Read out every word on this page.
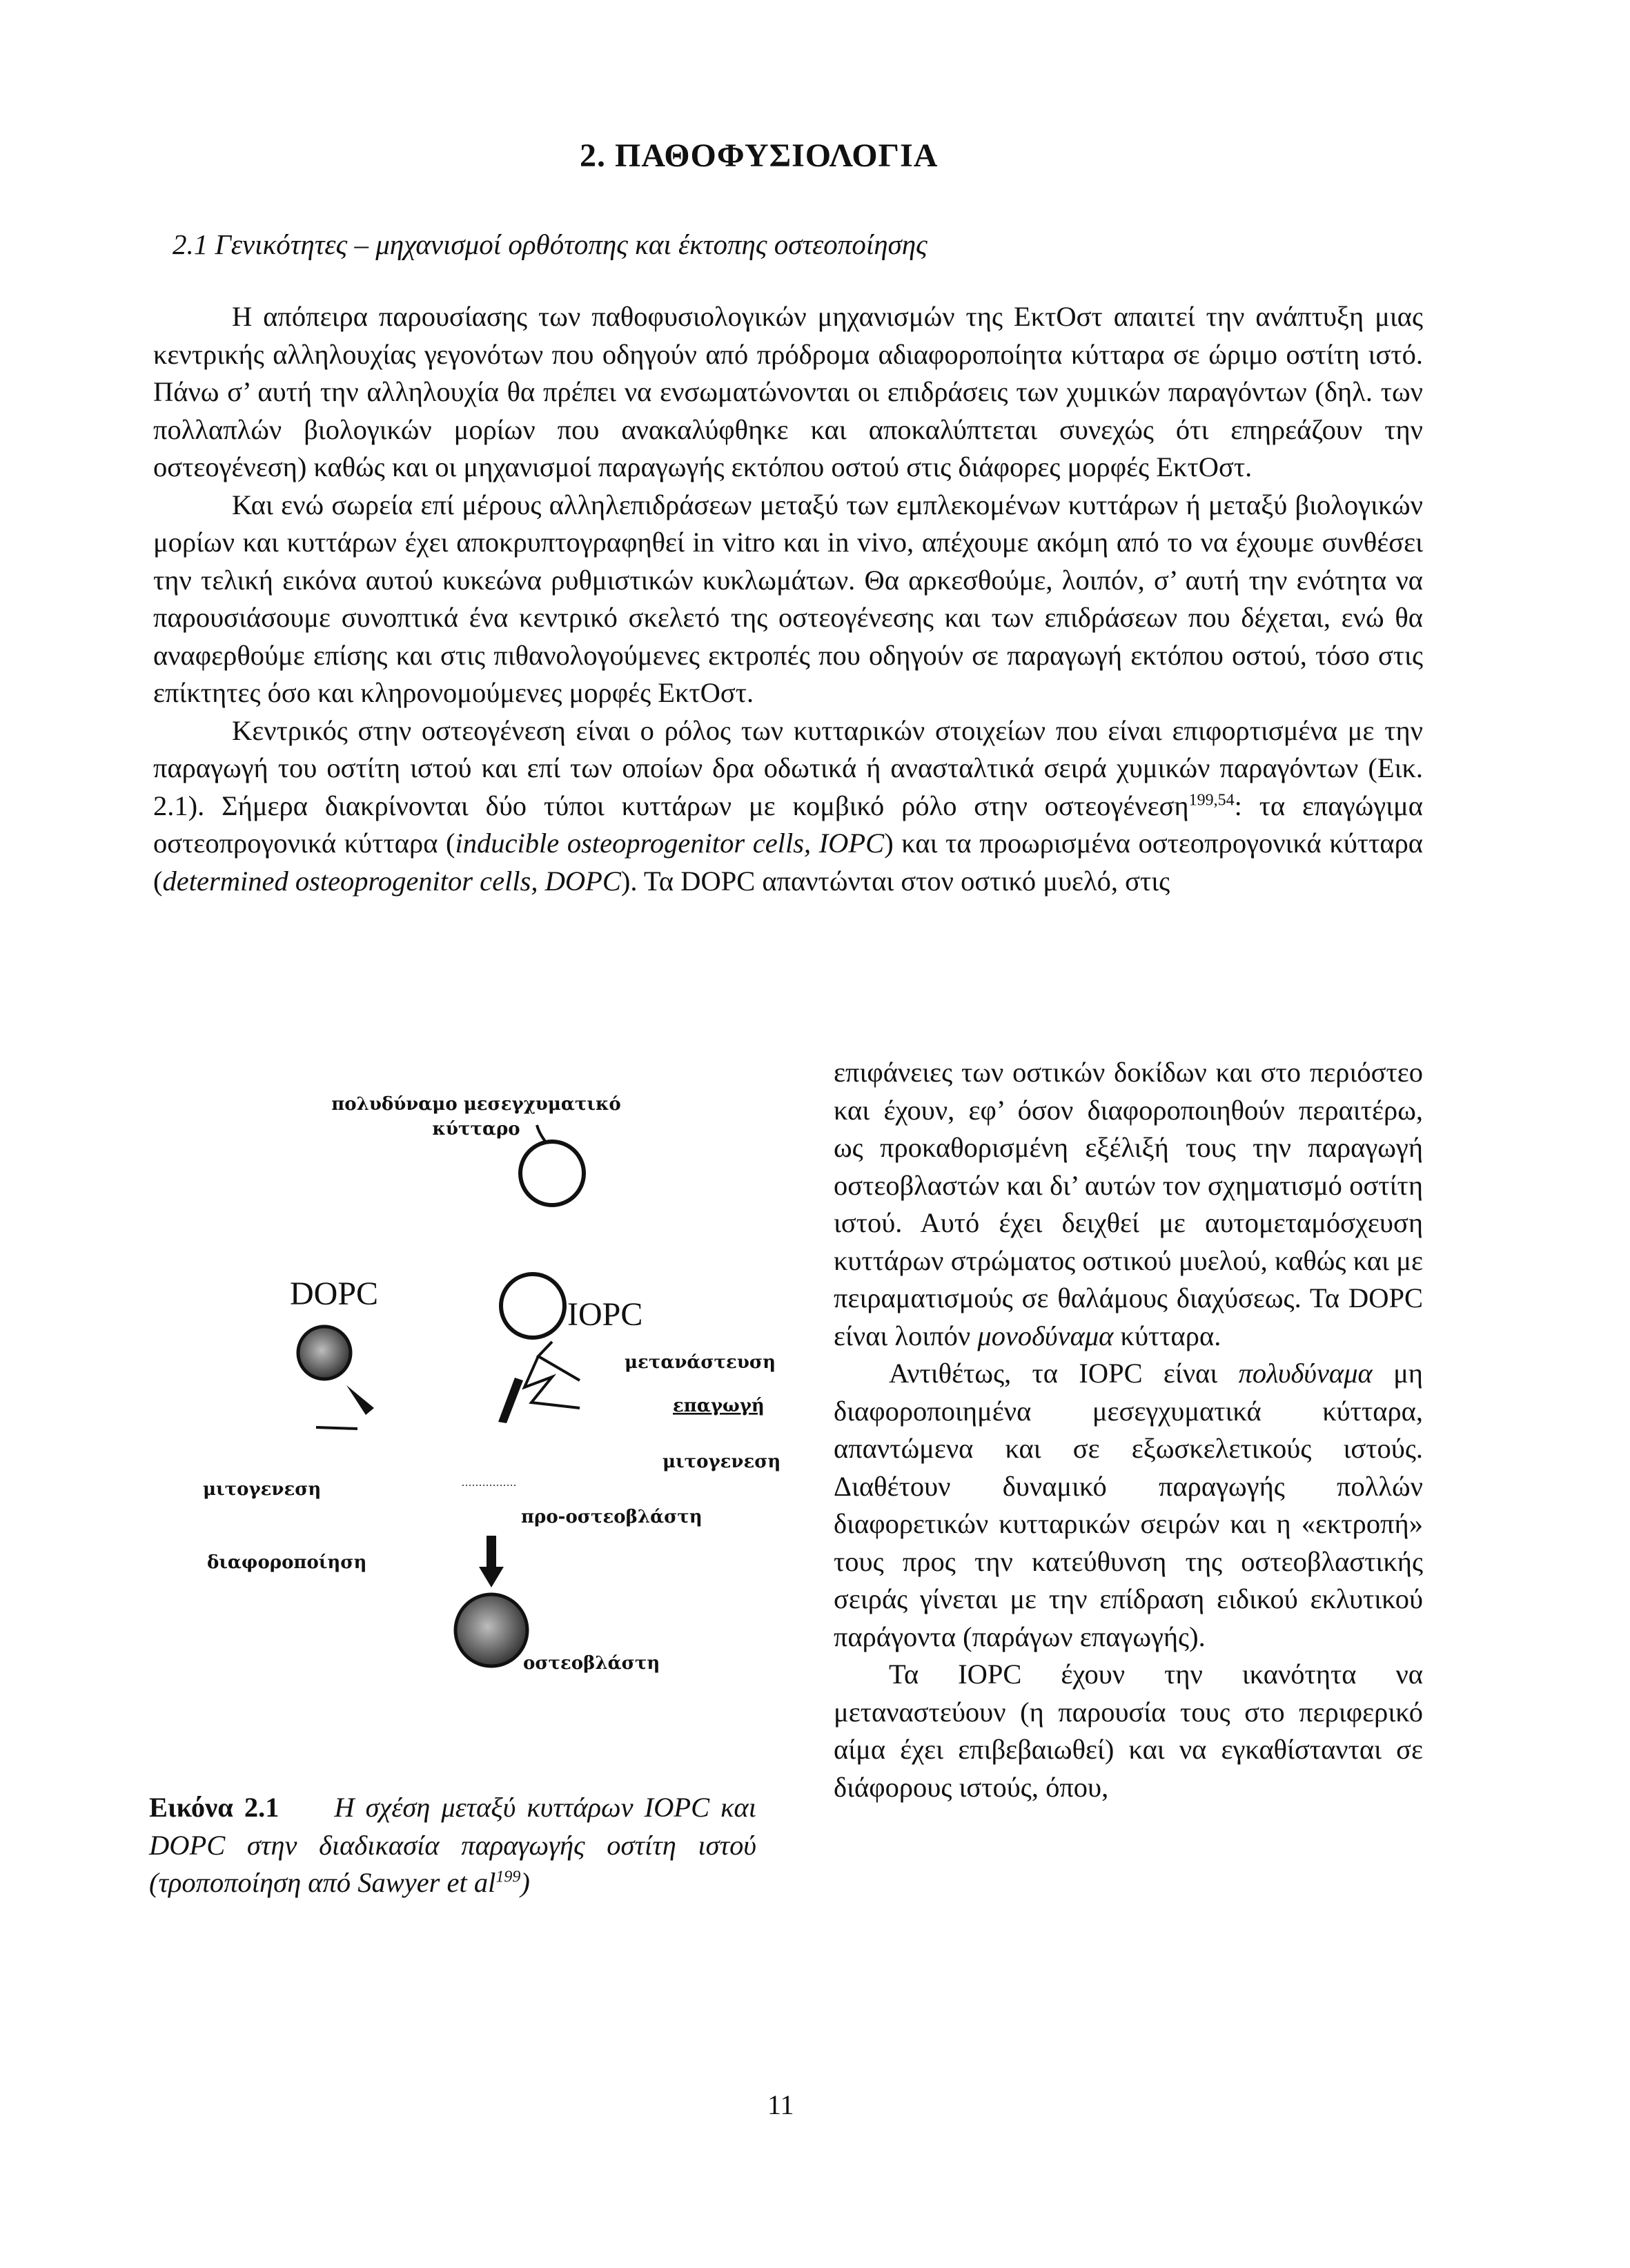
2. ΠΑΘΟΦΥΣΙΟΛΟΓΙΑ
2.1 Γενικότητες – μηχανισμοί ορθότοπης και έκτοπης οστεοποίησης

Η απόπειρα παρουσίασης των παθοφυσιολογικών μηχανισμών της ΕκτΟστ απαιτεί την ανάπτυξη μιας κεντρικής αλληλουχίας γεγονότων που οδηγούν από πρόδρομα αδιαφοροποίητα κύτταρα σε ώριμο οστίτη ιστό. Πάνω σ’ αυτή την αλληλουχία θα πρέπει να ενσωματώνονται οι επιδράσεις των χυμικών παραγόντων (δηλ. των πολλαπλών βιολογικών μορίων που ανακαλύφθηκε και αποκαλύπτεται συνεχώς ότι επηρεάζουν την οστεογένεση) καθώς και οι μηχανισμοί παραγωγής εκτόπου οστού στις διάφορες μορφές ΕκτΟστ.

Και ενώ σωρεία επί μέρους αλληλεπιδράσεων μεταξύ των εμπλεκομένων κυττάρων ή μεταξύ βιολογικών μορίων και κυττάρων έχει αποκρυπτογραφηθεί in vitro και in vivo, απέχουμε ακόμη από το να έχουμε συνθέσει την τελική εικόνα αυτού κυκεώνα ρυθμιστικών κυκλωμάτων. Θα αρκεσθούμε, λοιπόν, σ’ αυτή την ενότητα να παρουσιάσουμε συνοπτικά ένα κεντρικό σκελετό της οστεογένεσης και των επιδράσεων που δέχεται, ενώ θα αναφερθούμε επίσης και στις πιθανολογούμενες εκτροπές που οδηγούν σε παραγωγή εκτόπου οστού, τόσο στις επίκτητες όσο και κληρονομούμενες μορφές ΕκτΟστ.

Κεντρικός στην οστεογένεση είναι ο ρόλος των κυτταρικών στοιχείων που είναι επιφορτισμένα με την παραγωγή του οστίτη ιστού και επί των οποίων δρα οδωτικά ή ανασταλτικά σειρά χυμικών παραγόντων (Εικ. 2.1). Σήμερα διακρίνονται δύο τύποι κυττάρων με κομβικό ρόλο στην οστεογένεση$^{199,54}$: τα επαγώγιμα οστεοπρογονικά κύτταρα (inducible osteoprogenitor cells, IOPC) και τα προωρισμένα οστεοπρογονικά κύτταρα (determined osteoprogenitor cells, DOPC). Τα DOPC απαντώνται στον οστικό μυελό, στις

επιφάνειες των οστικών δοκίδων και στο περιόστεο και έχουν, εφ’ όσον διαφοροποιηθούν περαιτέρω, ως προκαθορισμένη εξέλιξή τους την παραγωγή οστεοβλαστών και δι’ αυτών τον σχηματισμό οστίτη ιστού. Αυτό έχει δειχθεί με αυτομεταμόσχευση κυττάρων στρώματος οστικού μυελού, καθώς και με πειραματισμούς σε θαλάμους διαχύσεως. Τα DOPC είναι λοιπόν μονοδύναμα κύτταρα.

Αντιθέτως, τα IOPC είναι πολυδύναμα μη διαφοροποιημένα μεσεγχυματικά κύτταρα, απαντώμενα και σε εξωσκελετικούς ιστούς. Διαθέτουν δυναμικό παραγωγής πολλών διαφορετικών κυτταρικών σειρών και η «εκτροπή» τους προς την κατεύθυνση της οστεοβλαστικής σειράς γίνεται με την επίδραση ειδικού εκλυτικού παράγοντα (παράγων επαγωγής).

Τα IOPC έχουν την ικανότητα να μεταναστεύουν (η παρουσία τους στο περιφερικό αίμα έχει επιβεβαιωθεί) και να εγκαθίστανται σε διάφορους ιστούς, όπου,

πολυδύναμο μεσεγχυματικό
κύτταρο
DOPC
IOPC
μετανάστευση
επαγωγή
μιτογενεση
μιτογενεση
προ-οστεοβλάστη
διαφοροποίηση
οστεοβλάστη
Εικόνα 2.1 Η σχέση μεταξύ κυττάρων IOPC και DOPC στην διαδικασία παραγωγής οστίτη ιστού (τροποποίηση από Sawyer et $al^{199}$)
11
